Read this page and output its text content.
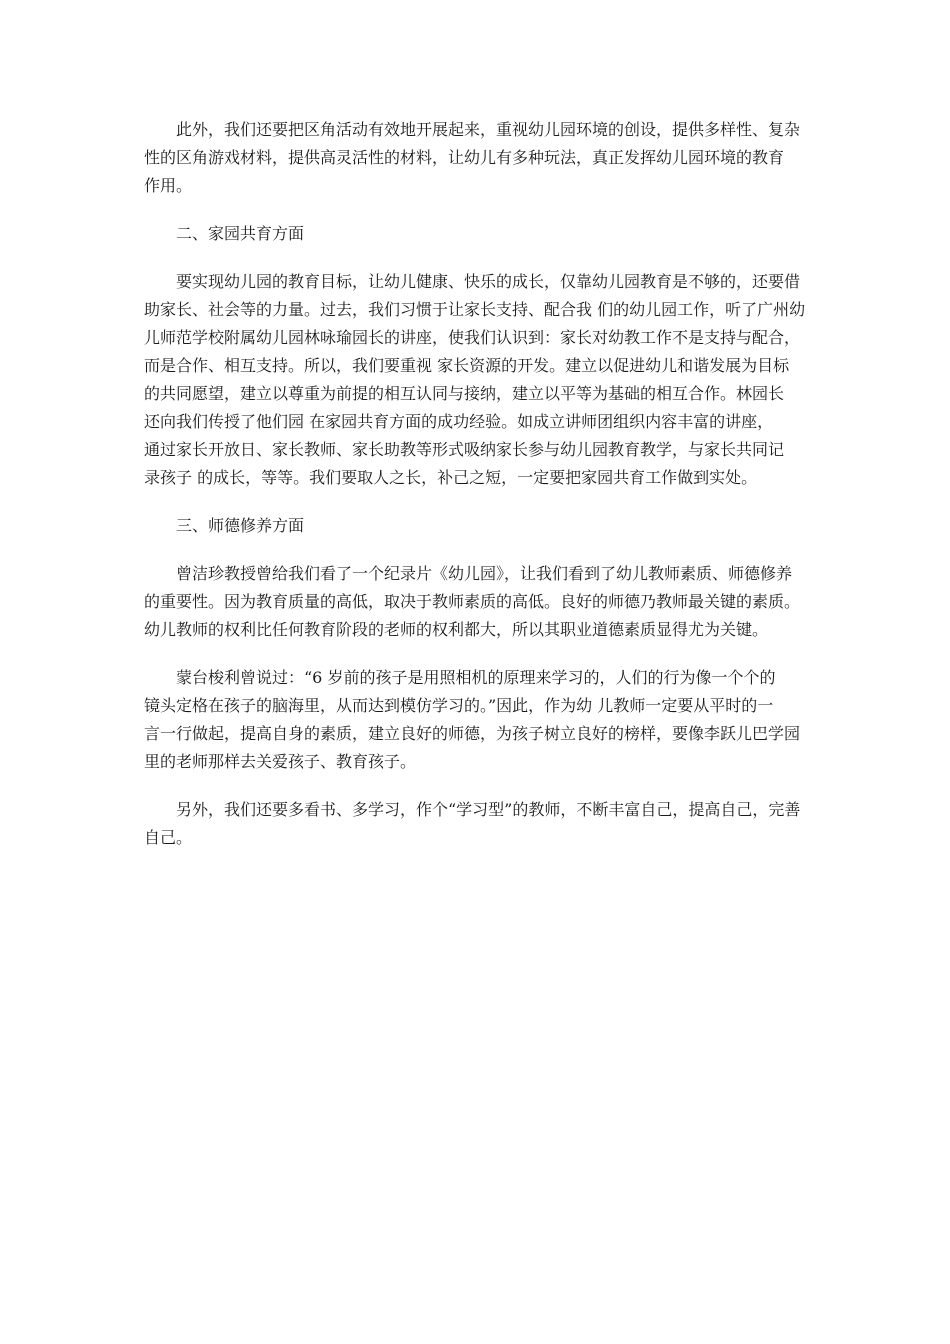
此外，我们还要把区角活动有效地开展起来，重视幼儿园环境的创设，提供多样性、复杂
性的区角游戏材料，提供高灵活性的材料，让幼儿有多种玩法，真正发挥幼儿园环境的教育
作用。
二、家园共育方面
要实现幼儿园的教育目标，让幼儿健康、快乐的成长，仅靠幼儿园教育是不够的，还要借
助家长、社会等的力量。过去，我们习惯于让家长支持、配合我 们的幼儿园工作，听了广州幼
儿师范学校附属幼儿园林咏瑜园长的讲座，使我们认识到：家长对幼教工作不是支持与配合，
而是合作、相互支持。所以，我们要重视 家长资源的开发。建立以促进幼儿和谐发展为目标
的共同愿望，建立以尊重为前提的相互认同与接纳，建立以平等为基础的相互合作。林园长
还向我们传授了他们园 在家园共育方面的成功经验。如成立讲师团组织内容丰富的讲座，
通过家长开放日、家长教师、家长助教等形式吸纳家长参与幼儿园教育教学，与家长共同记
录孩子 的成长，等等。我们要取人之长，补己之短，一定要把家园共育工作做到实处。
三、师德修养方面
曾洁珍教授曾给我们看了一个纪录片《幼儿园》，让我们看到了幼儿教师素质、师德修养
的重要性。因为教育质量的高低，取决于教师素质的高低。良好的师德乃教师最关键的素质。
幼儿教师的权利比任何教育阶段的老师的权利都大，所以其职业道德素质显得尤为关键。
蒙台梭利曾说过：“6 岁前的孩子是用照相机的原理来学习的，人们的行为像一个个的
镜头定格在孩子的脑海里，从而达到模仿学习的。”因此，作为幼 儿教师一定要从平时的一
言一行做起，提高自身的素质，建立良好的师德，为孩子树立良好的榜样，要像李跃儿巴学园
里的老师那样去关爱孩子、教育孩子。
另外，我们还要多看书、多学习，作个“学习型”的教师，不断丰富自己，提高自己，完善
自己。
